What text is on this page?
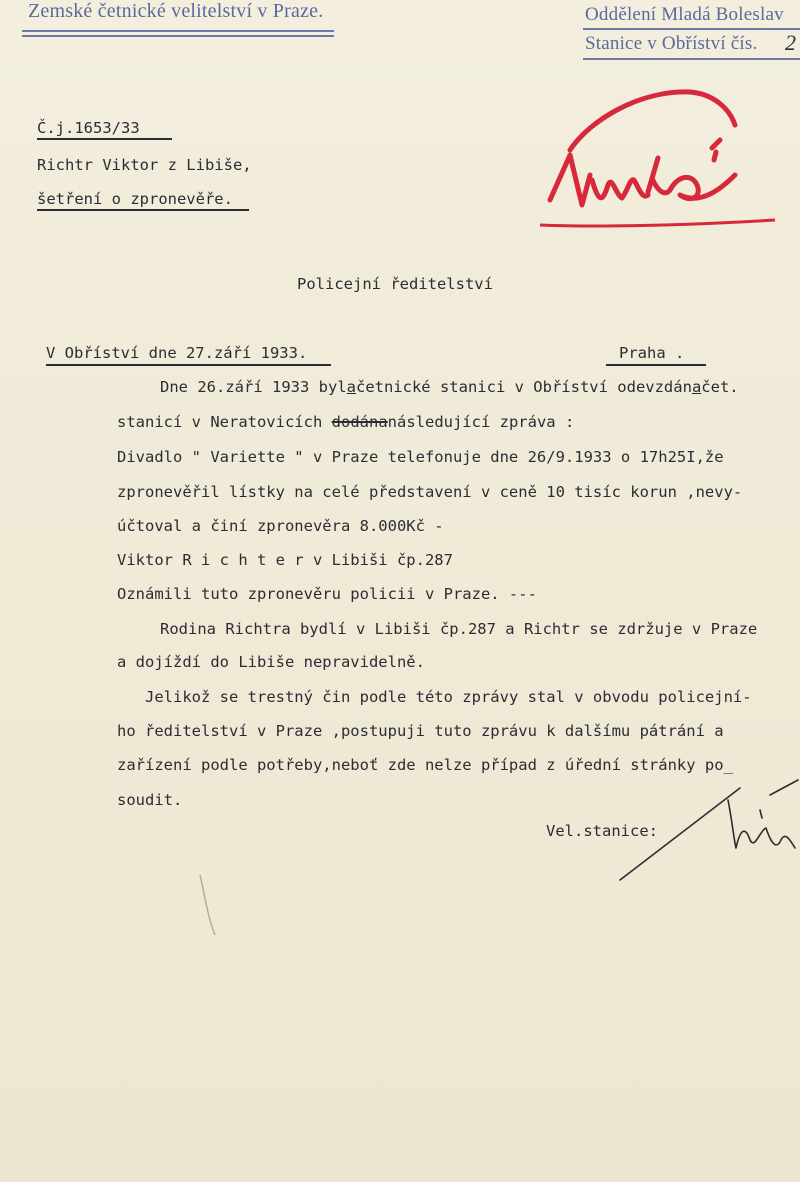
Zemské četnické velitelství v Praze.	Oddělení Mladá Boleslav
Stanice v Obříství čís. 2
Č.j.1653/33
Richtr Viktor z Libiše,
šetření o zpronevěře.
Policejní ředitelství
V Obříství dne 27.září 1933.	Praha .
Dne 26.září 1933 bylačetnické stanici v Obříství odevzdánačet.
stanicí v Neratovicích dodánanásledující zpráva :
Divadlo " Variette " v Praze telefonuje dne 26/9.1933 o 17h25I,že
zpronevěřil lístky na celé představení v ceně 10 tisíc korun ,nevy-
účtoval a činí zpronevěra 8.000Kč -
Viktor R i c h t e r v Libiši čp.287
Oznámili tuto zpronevěru policii v Praze. ---
Rodina Richtra bydlí v Libiši čp.287 a Richtr se zdržuje v Praze
a dojíždí do Libiše nepravidelně.
Jelikož se trestný čin podle této zprávy stal v obvodu policejní-
ho ředitelství v Praze ,postupuji tuto zprávu k dalšímu pátrání a
zařízení podle potřeby,neboť zde nelze případ z úřední stránky po_
soudit.
Vel.stanice:
